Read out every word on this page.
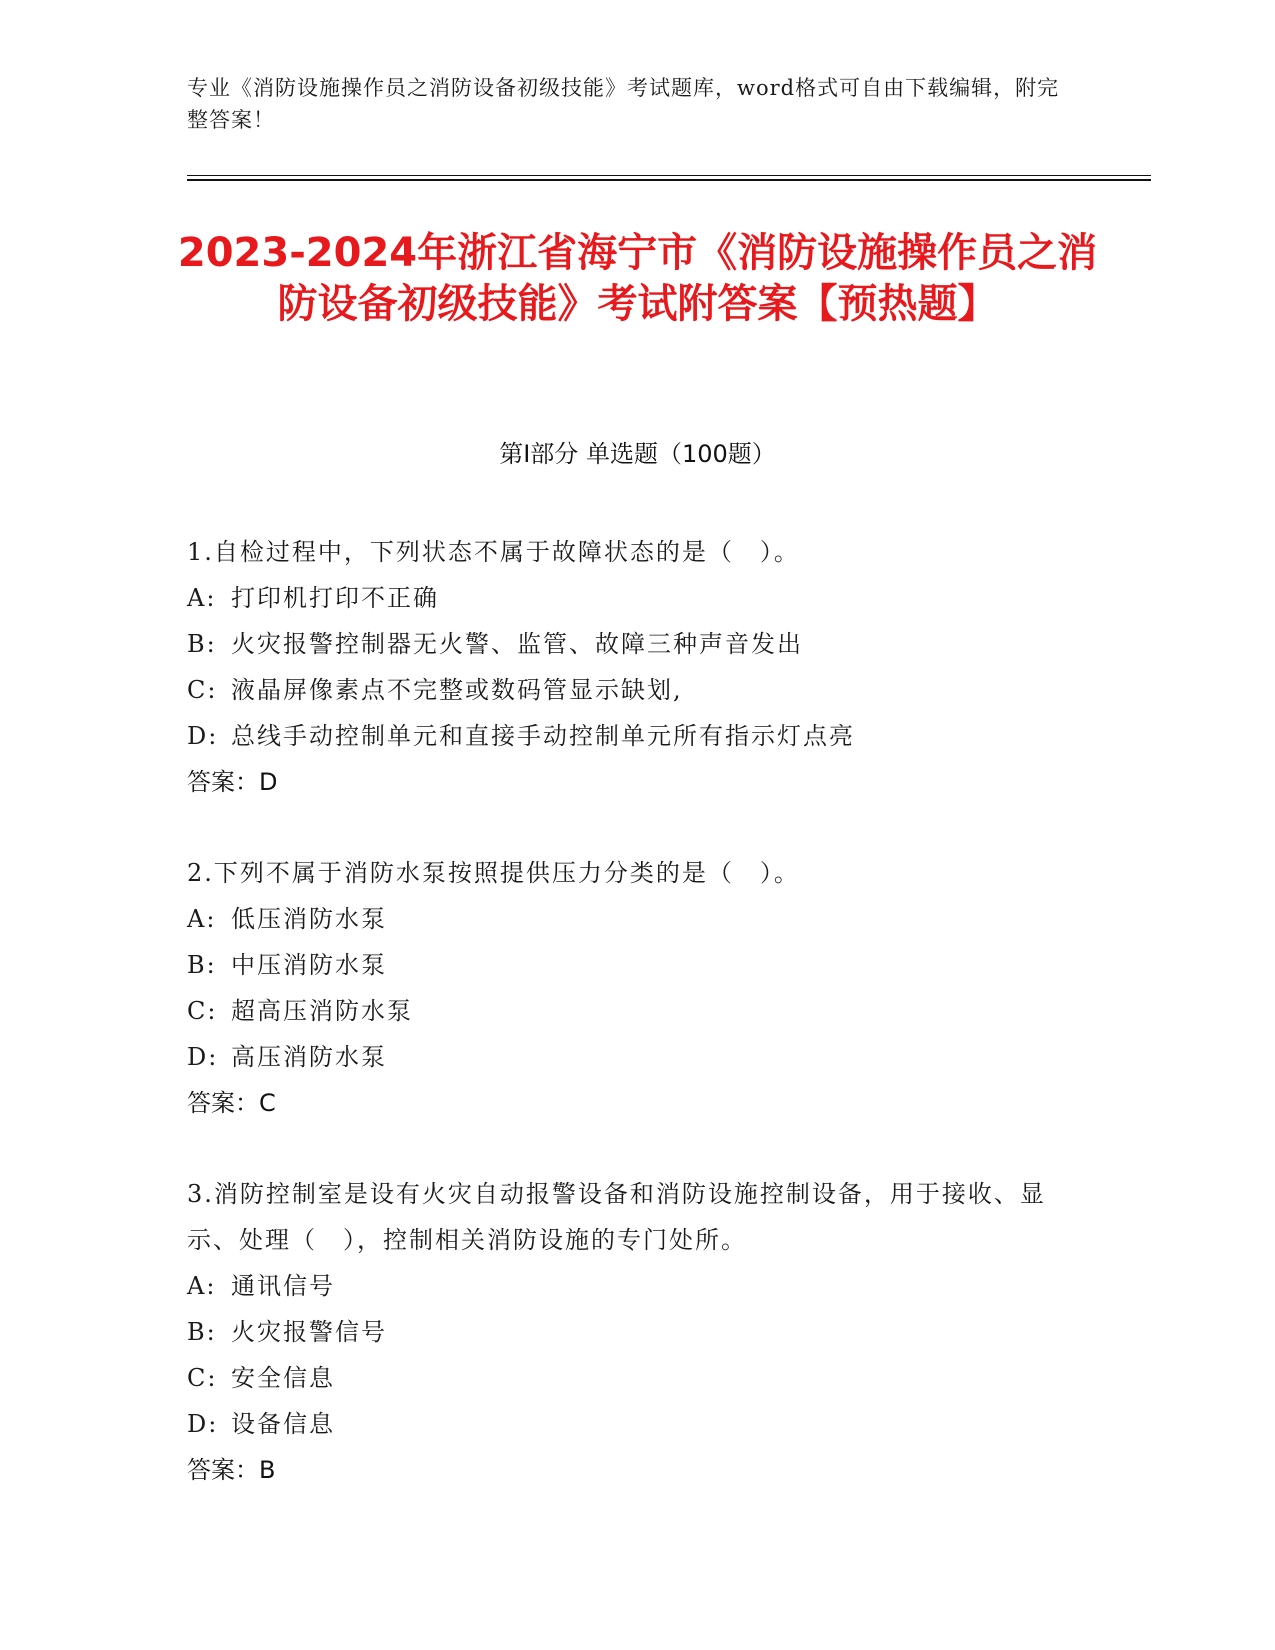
专业《消防设施操作员之消防设备初级技能》考试题库，word格式可自由下载编辑，附完整答案！
2023-2024年浙江省海宁市《消防设施操作员之消防设备初级技能》考试附答案【预热题】
第I部分 单选题（100题）

1.自检过程中，下列状态不属于故障状态的是（　）。

A: 打印机打印不正确

B: 火灾报警控制器无火警、监管、故障三种声音发出

C: 液晶屏像素点不完整或数码管显示缺划,

D: 总线手动控制单元和直接手动控制单元所有指示灯点亮

答案：D

2.下列不属于消防水泵按照提供压力分类的是（　）。

A: 低压消防水泵

B: 中压消防水泵

C: 超高压消防水泵

D: 高压消防水泵

答案：C

3.消防控制室是设有火灾自动报警设备和消防设施控制设备，用于接收、显示、处理（　），控制相关消防设施的专门处所。

A: 通讯信号

B: 火灾报警信号

C: 安全信息

D: 设备信息

答案：B
